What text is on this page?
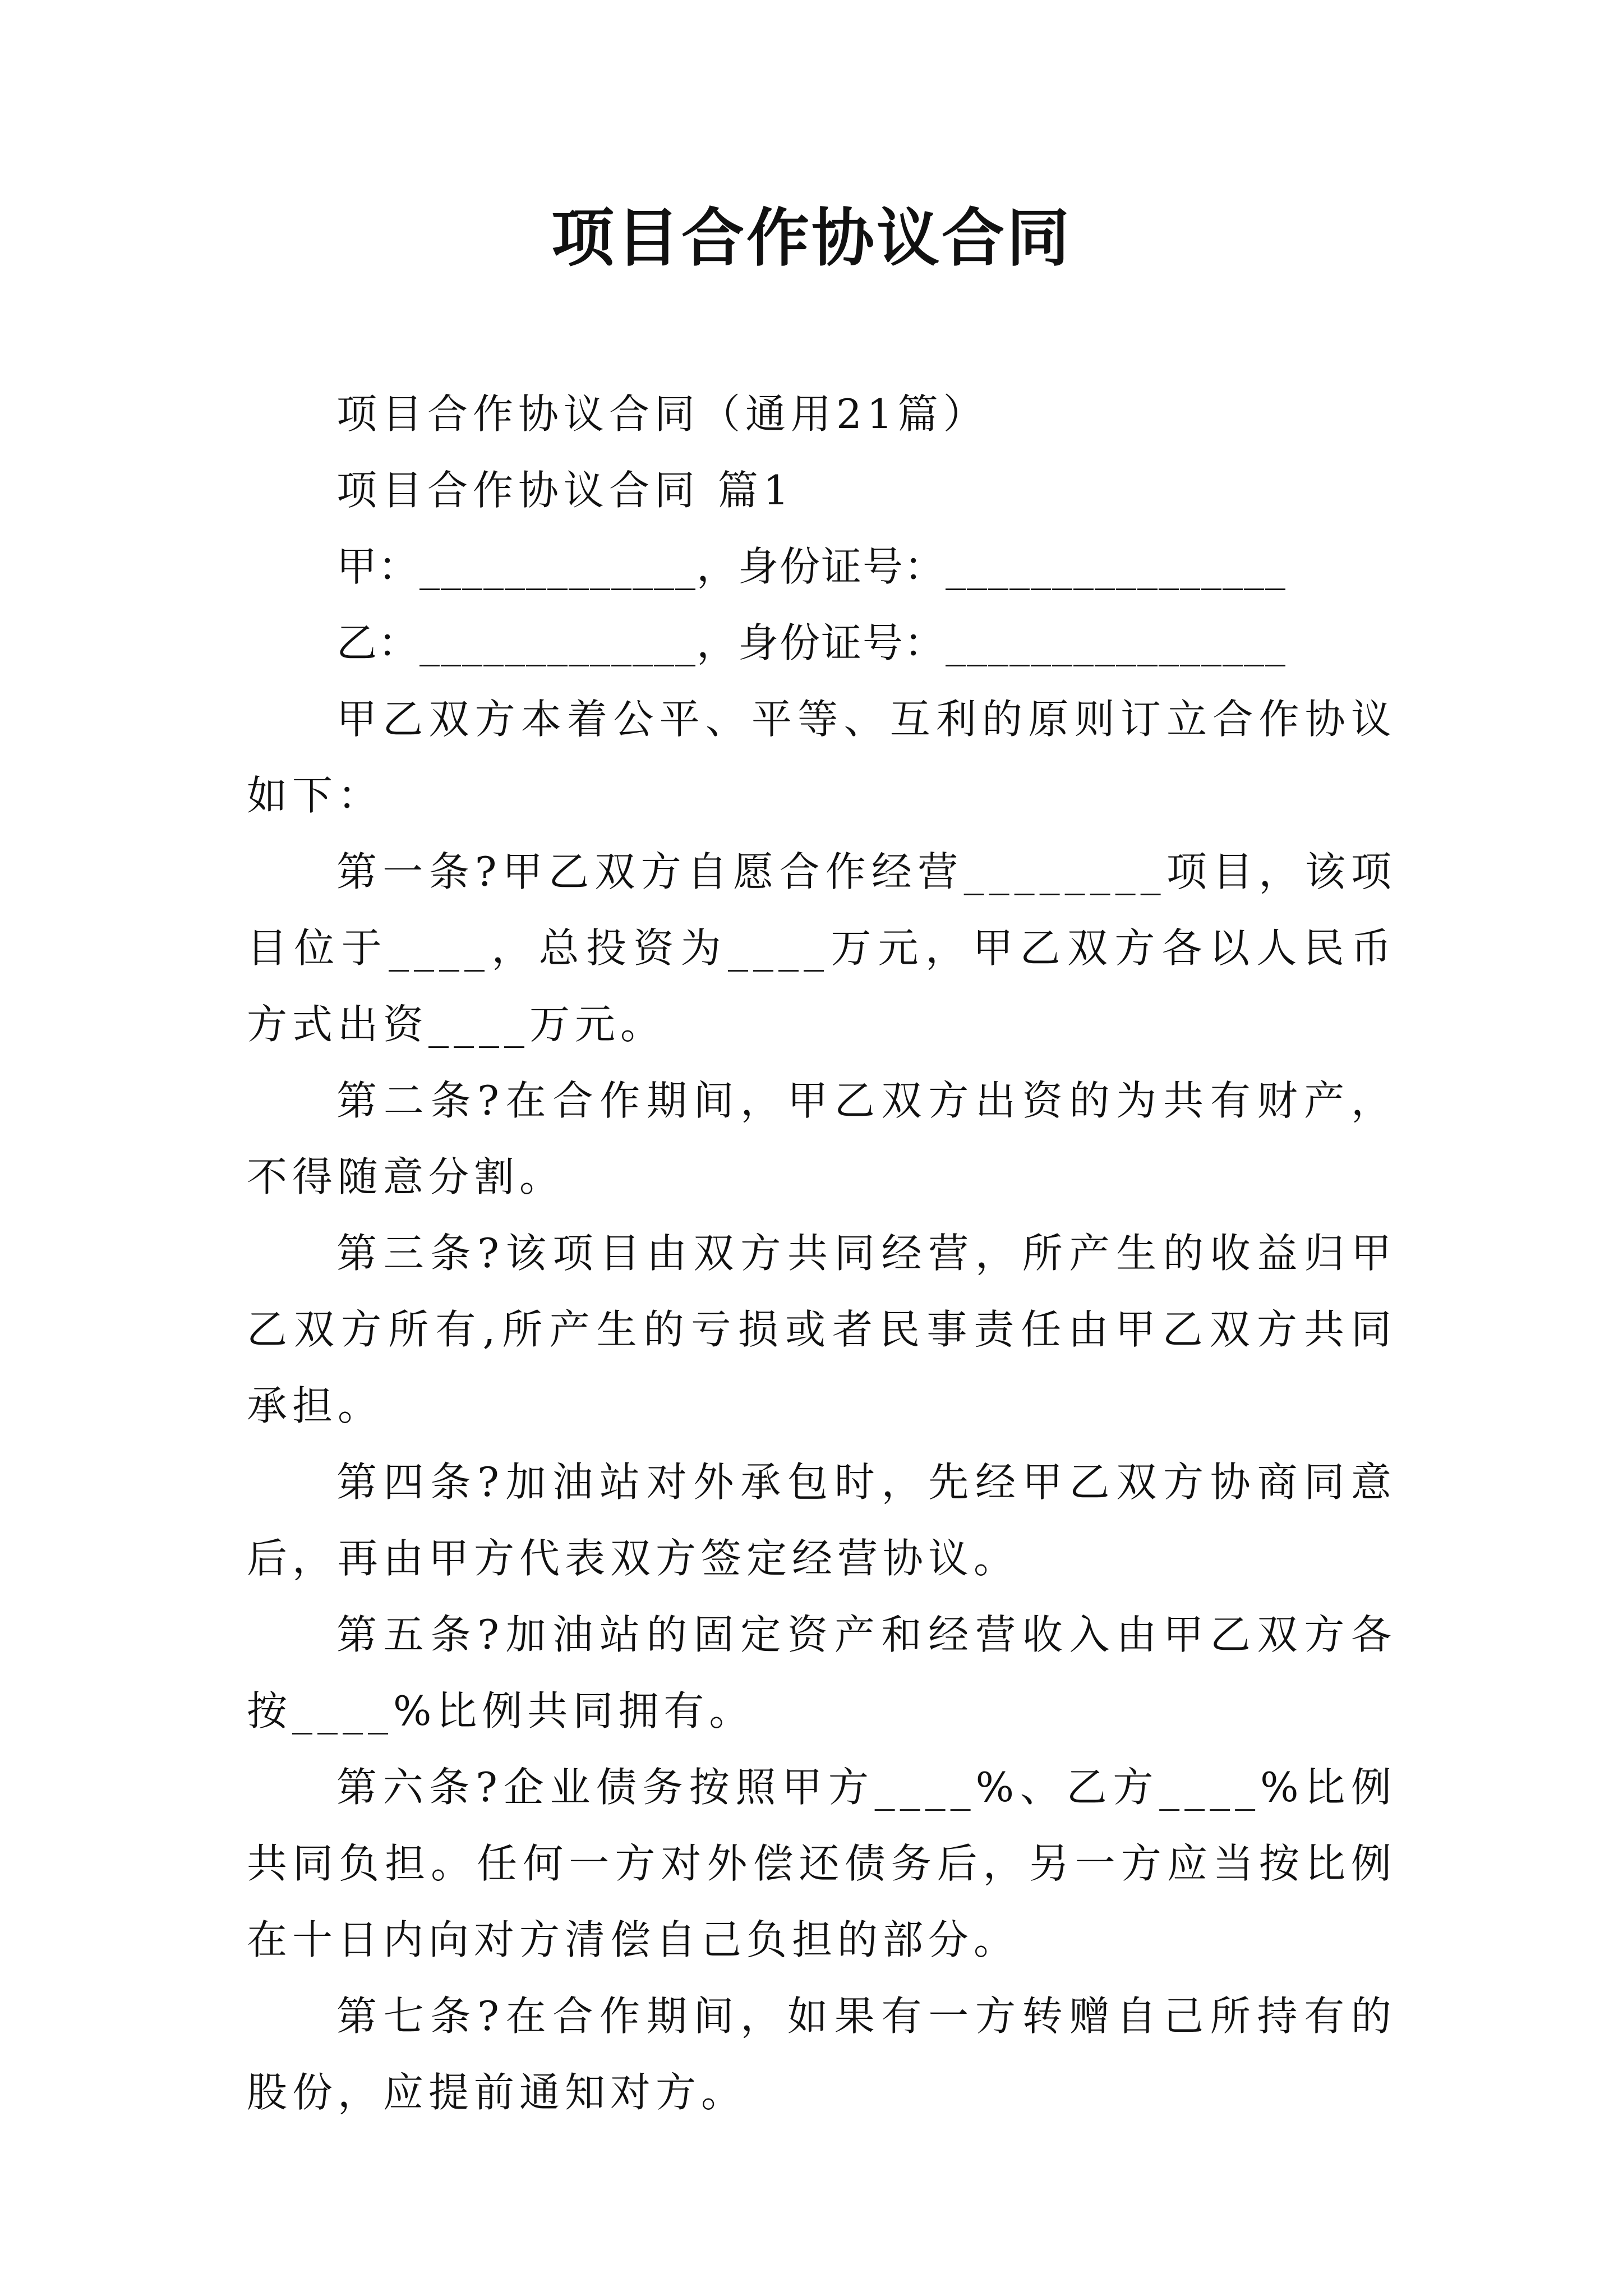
项目合作协议合同

项目合作协议合同（通用21篇）

项目合作协议合同 篇1

甲：_____________，身份证号：________________

乙：_____________，身份证号：________________

甲乙双方本着公平、平等、互利的原则订立合作协议如下：

第一条?甲乙双方自愿合作经营________项目，该项目位于____，总投资为____万元，甲乙双方各以人民币方式出资____万元。

第二条?在合作期间，甲乙双方出资的为共有财产，不得随意分割。

第三条?该项目由双方共同经营，所产生的收益归甲乙双方所有,所产生的亏损或者民事责任由甲乙双方共同承担。

第四条?加油站对外承包时，先经甲乙双方协商同意后，再由甲方代表双方签定经营协议。

第五条?加油站的固定资产和经营收入由甲乙双方各按____%比例共同拥有。

第六条?企业债务按照甲方____%、乙方____%比例共同负担。任何一方对外偿还债务后，另一方应当按比例在十日内向对方清偿自己负担的部分。

第七条?在合作期间，如果有一方转赠自己所持有的股份，应提前通知对方。
